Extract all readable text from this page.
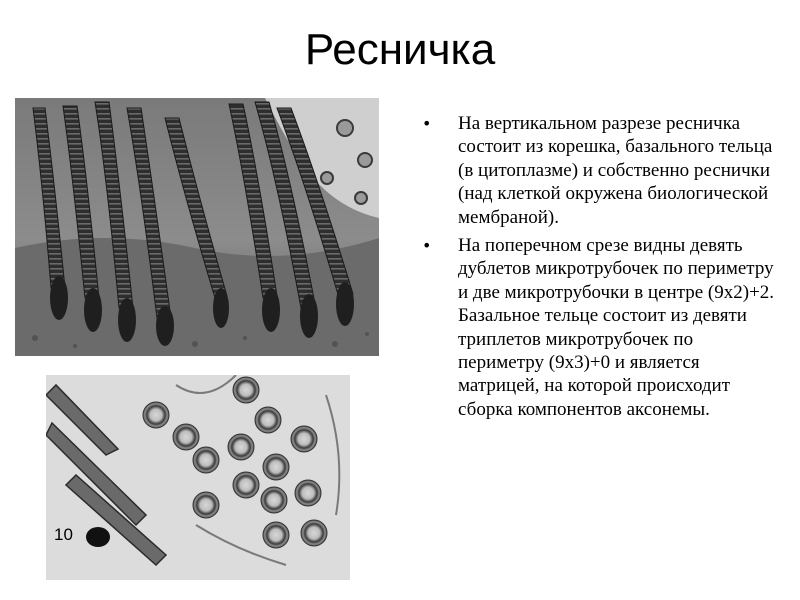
Ресничка
10
• На вертикальном разрезе ресничка состоит из корешка, базального тельца (в цитоплазме) и собственно реснички (над клеткой окружена биологической мембраной).
• На поперечном срезе видны девять дублетов микротрубочек по периметру и две микротрубочки в центре (9х2)+2. Базальное тельце состоит из девяти триплетов микротрубочек по периметру (9х3)+0 и является матрицей, на которой происходит сборка компонентов аксонемы.
